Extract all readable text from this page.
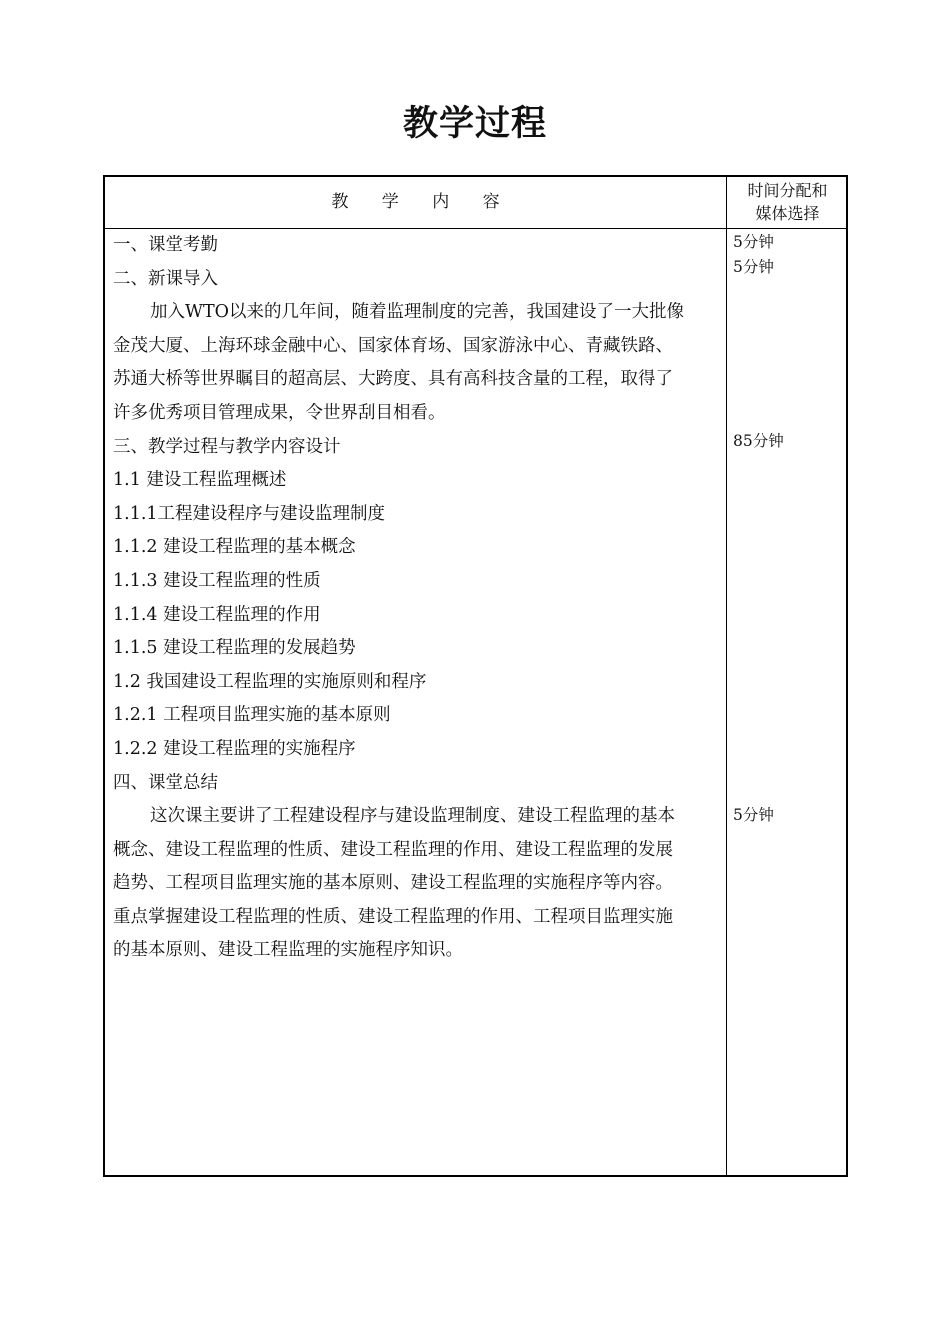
教学过程
教 学 内 容
时间分配和
媒体选择
一、课堂考勤
二、新课导入
加入WTO以来的几年间，随着监理制度的完善，我国建设了一大批像
金茂大厦、上海环球金融中心、国家体育场、国家游泳中心、青藏铁路、
苏通大桥等世界瞩目的超高层、大跨度、具有高科技含量的工程，取得了
许多优秀项目管理成果，令世界刮目相看。
三、教学过程与教学内容设计
1.1 建设工程监理概述
1.1.1工程建设程序与建设监理制度
1.1.2 建设工程监理的基本概念
1.1.3 建设工程监理的性质
1.1.4 建设工程监理的作用
1.1.5 建设工程监理的发展趋势
1.2 我国建设工程监理的实施原则和程序
1.2.1 工程项目监理实施的基本原则
1.2.2 建设工程监理的实施程序
四、课堂总结
这次课主要讲了工程建设程序与建设监理制度、建设工程监理的基本
概念、建设工程监理的性质、建设工程监理的作用、建设工程监理的发展
趋势、工程项目监理实施的基本原则、建设工程监理的实施程序等内容。
重点掌握建设工程监理的性质、建设工程监理的作用、工程项目监理实施
的基本原则、建设工程监理的实施程序知识。
5分钟
5分钟
85分钟
5分钟
